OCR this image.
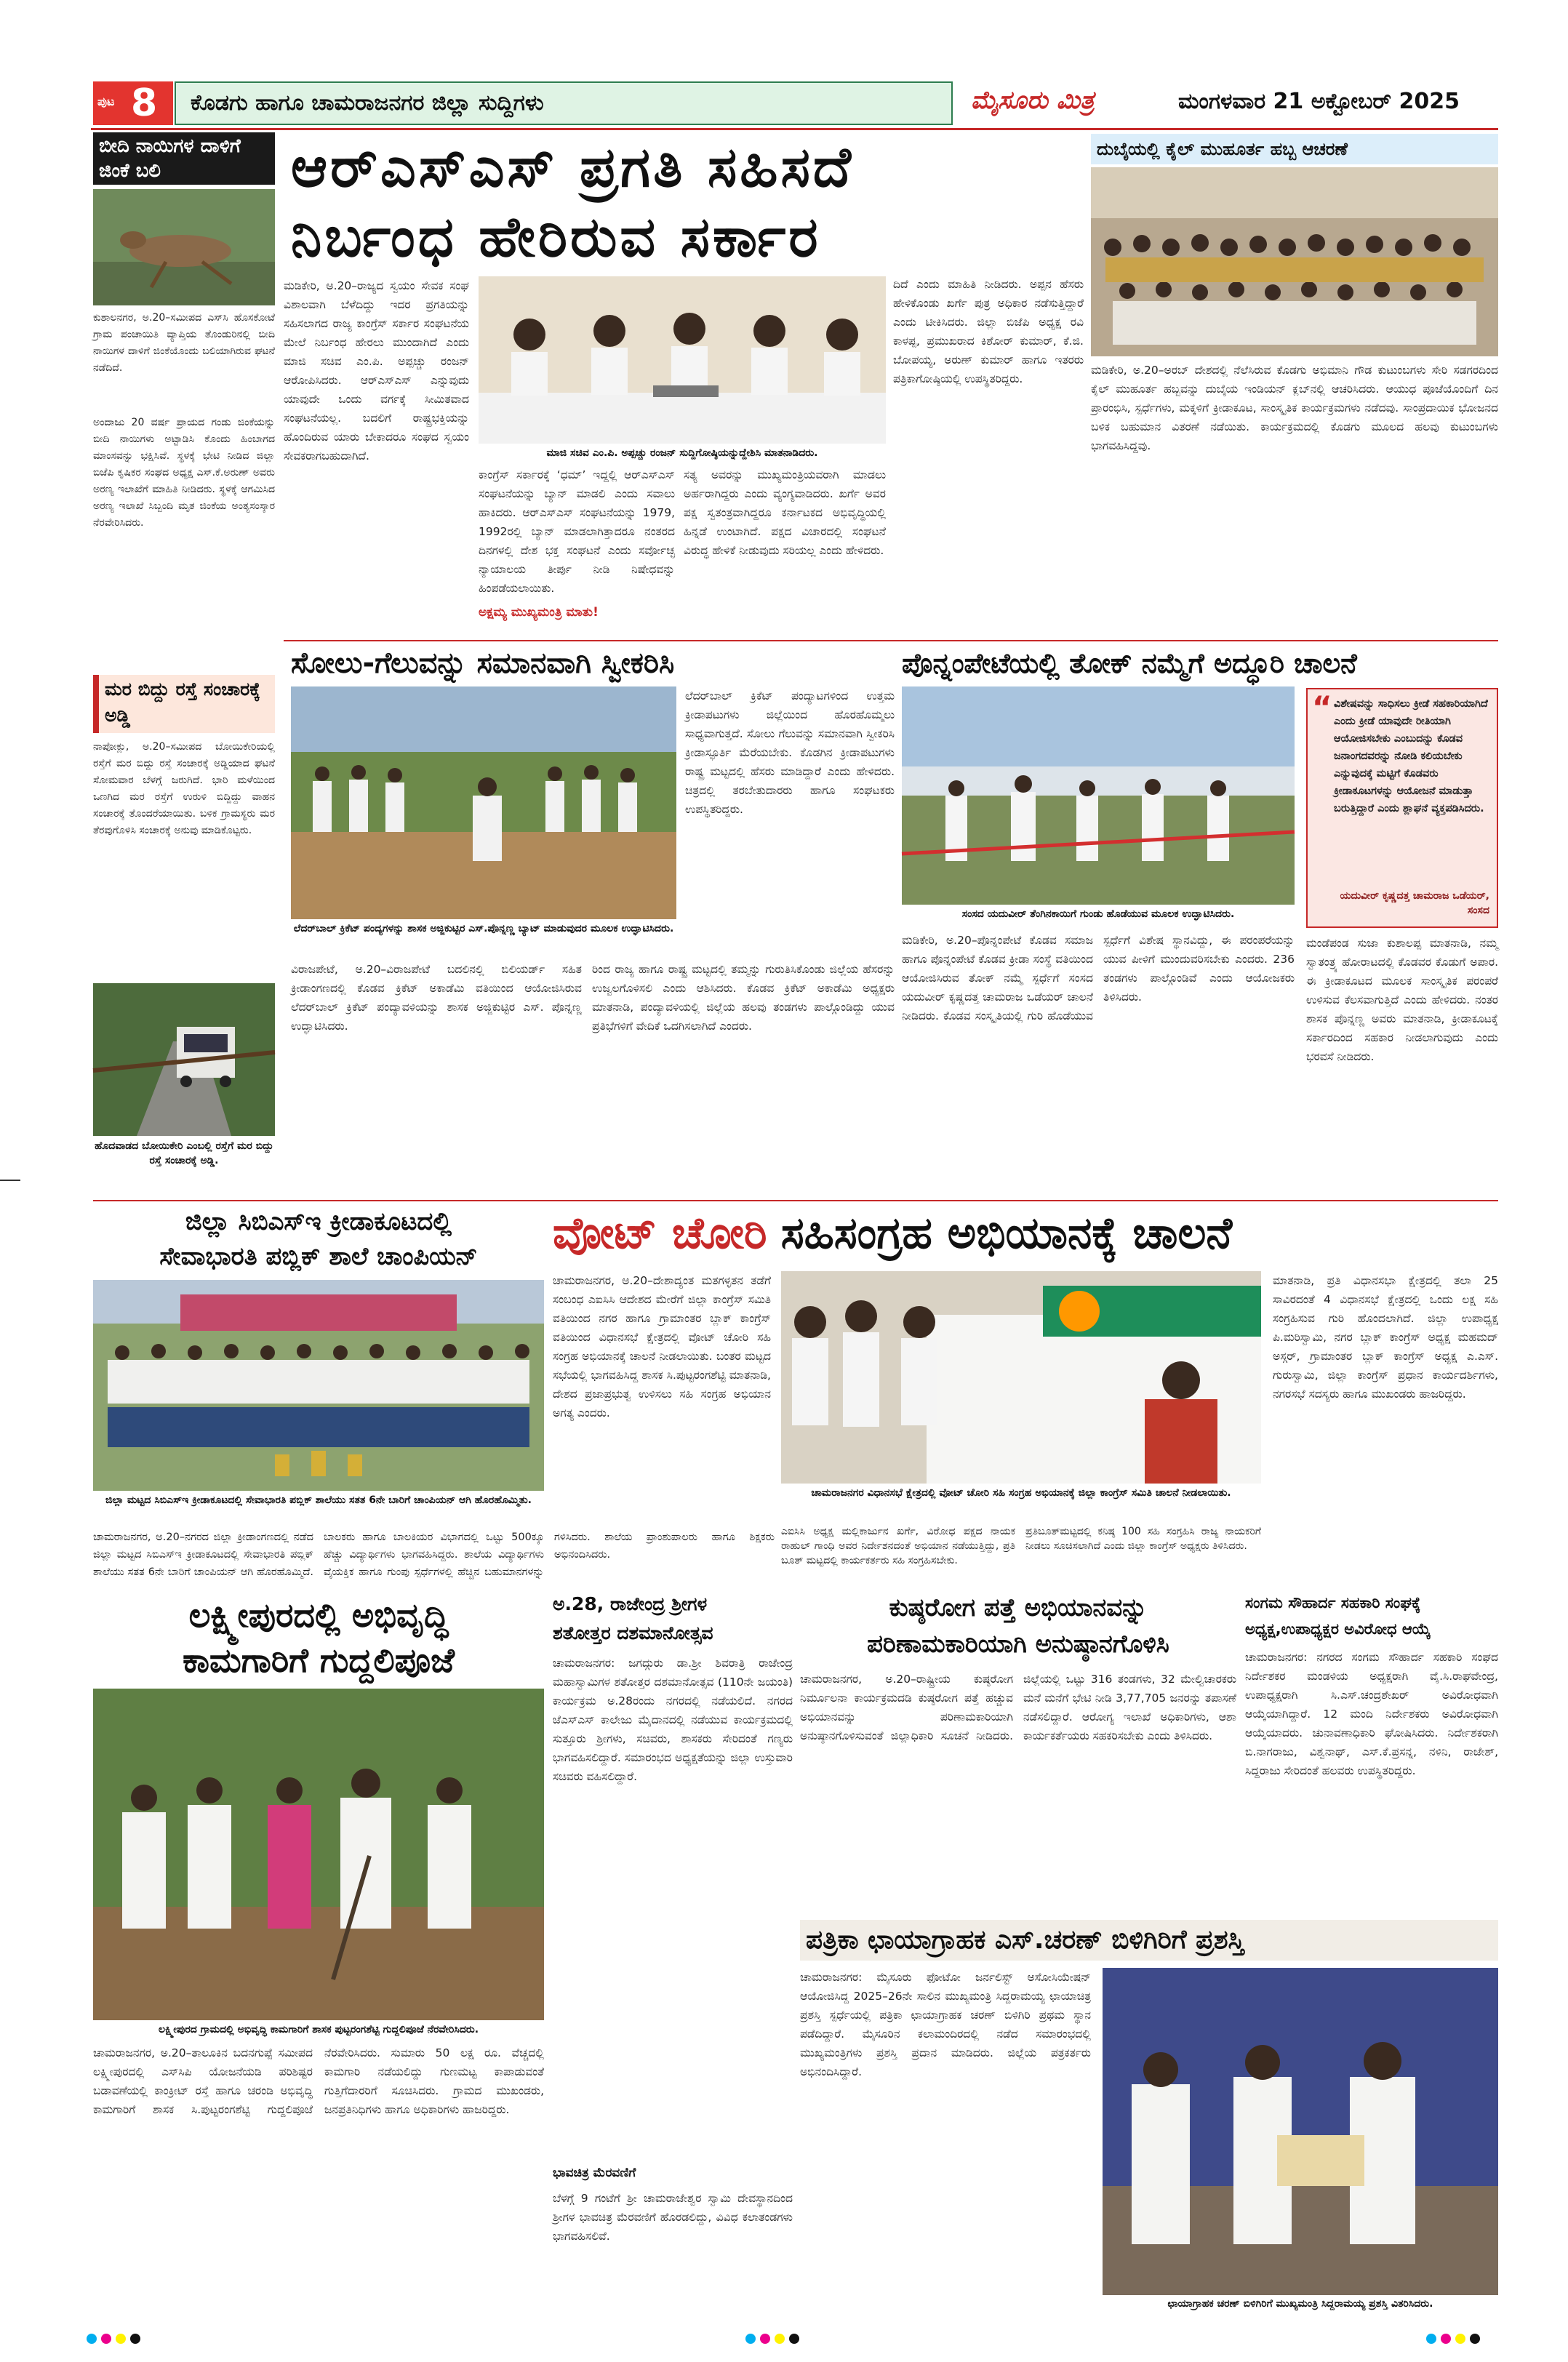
ಪುಟ 8 ಕೊಡಗು ಹಾಗೂ ಚಾಮರಾಜನಗರ ಜಿಲ್ಲಾ ಸುದ್ದಿಗಳು	ಮೈಸೂರು ಮಿತ್ರ	ಮಂಗಳವಾರ 21 ಅಕ್ಟೋಬರ್ 2025
ಬೀದಿ ನಾಯಿಗಳ ದಾಳಿಗೆ ಜಿಂಕೆ ಬಲಿ
ಕುಶಾಲನಗರ, ಅ.20–ಸಮೀಪದ ಎಸ್‌ಸಿ ಹೊಸಕೋಟೆ ಗ್ರಾಮ ಪಂಚಾಯಿತಿ ವ್ಯಾಪ್ತಿಯ ತೊಂಡುರಿನಲ್ಲಿ ಬೀದಿ ನಾಯಿಗಳ ದಾಳಿಗೆ ಜಿಂಕೆಯೊಂದು ಬಲಿಯಾಗಿರುವ ಘಟನೆ ನಡೆದಿದೆ.
ಅಂದಾಜು 20 ವರ್ಷ ಪ್ರಾಯದ ಗಂಡು ಜಿಂಕೆಯನ್ನು ಬೀದಿ ನಾಯಿಗಳು ಅಟ್ಟಾಡಿಸಿ ಕೊಂದು ಹಿಂಬಾಗದ ಮಾಂಸವನ್ನು ಭಕ್ಷಿಸಿವೆ. ಸ್ಥಳಕ್ಕೆ ಭೇಟಿ ನೀಡಿದ ಜಿಲ್ಲಾ ಬಿಜೆಪಿ ಕೃಷಿಕರ ಸಂಘದ ಅಧ್ಯಕ್ಷ ಎಸ್.ಕೆ.ಅರುಣ್ ಅವರು ಅರಣ್ಯ ಇಲಾಖೆಗೆ ಮಾಹಿತಿ ನೀಡಿದರು. ಸ್ಥಳಕ್ಕೆ ಆಗಮಿಸಿದ ಅರಣ್ಯ ಇಲಾಖೆ ಸಿಬ್ಬಂದಿ ಮೃತ ಜಿಂಕೆಯ ಅಂತ್ಯಸಂಸ್ಕಾರ ನೆರವೇರಿಸಿದರು.
ಮರ ಬಿದ್ದು ರಸ್ತೆ ಸಂಚಾರಕ್ಕೆ ಅಡ್ಡಿ
ನಾಪೋಕ್ಲು, ಅ.20–ಸಮೀಪದ ಬೋಯಿಕೇರಿಯಲ್ಲಿ ರಸ್ತೆಗೆ ಮರ ಬಿದ್ದು ರಸ್ತೆ ಸಂಚಾರಕ್ಕೆ ಅಡ್ಡಿಯಾದ ಘಟನೆ ಸೋಮವಾರ ಬೆಳಗ್ಗೆ ಜರುಗಿದೆ. ಭಾರಿ ಮಳೆಯಿಂದ ಒಣಗಿದ ಮರ ರಸ್ತೆಗೆ ಉರುಳಿ ಬಿದ್ದಿದ್ದು ವಾಹನ ಸಂಚಾರಕ್ಕೆ ತೊಂದರೆಯಾಯಿತು. ಬಳಿಕ ಗ್ರಾಮಸ್ಥರು ಮರ ತೆರವುಗೊಳಿಸಿ ಸಂಚಾರಕ್ಕೆ ಅನುವು ಮಾಡಿಕೊಟ್ಟರು.
ಹೊದವಾಡದ ಬೋಯಿಕೇರಿ ಎಂಬಲ್ಲಿ ರಸ್ತೆಗೆ ಮರ ಬಿದ್ದು ರಸ್ತೆ ಸಂಚಾರಕ್ಕೆ ಅಡ್ಡಿ.
ಆರ್‌ಎಸ್‌ಎಸ್ ಪ್ರಗತಿ ಸಹಿಸದೆ
ನಿರ್ಬಂಧ ಹೇರಿರುವ ಸರ್ಕಾರ
ಮಡಿಕೇರಿ, ಅ.20–ರಾಜ್ಯದ ಸ್ವಯಂ ಸೇವಕ ಸಂಘ ವಿಶಾಲವಾಗಿ ಬೆಳೆದಿದ್ದು ಇದರ ಪ್ರಗತಿಯನ್ನು ಸಹಿಸಲಾಗದ ರಾಜ್ಯ ಕಾಂಗ್ರೆಸ್ ಸರ್ಕಾರ ಸಂಘಟನೆಯ ಮೇಲೆ ನಿರ್ಬಂಧ ಹೇರಲು ಮುಂದಾಗಿದೆ ಎಂದು ಮಾಜಿ ಸಚಿವ ಎಂ.ಪಿ. ಅಪ್ಪಚ್ಚು ರಂಜನ್ ಆರೋಪಿಸಿದರು. ಆರ್‌ಎಸ್‌ಎಸ್ ಎನ್ನುವುದು ಯಾವುದೇ ಒಂದು ವರ್ಗಕ್ಕೆ ಸೀಮಿತವಾದ ಸಂಘಟನೆಯಲ್ಲ. ಬದಲಿಗೆ ರಾಷ್ಟ್ರಭಕ್ತಿಯನ್ನು ಹೊಂದಿರುವ ಯಾರು ಬೇಕಾದರೂ ಸಂಘದ ಸ್ವಯಂ ಸೇವಕರಾಗಬಹುದಾಗಿದೆ.	ಮಾಜಿ ಸಚಿವ ಎಂ.ಪಿ. ಅಪ್ಪಚ್ಚು ರಂಜನ್ ಸುದ್ದಿಗೋಷ್ಠಿಯನ್ನುದ್ದೇಶಿಸಿ ಮಾತನಾಡಿದರು.
ಕಾಂಗ್ರೆಸ್ ಸರ್ಕಾರಕ್ಕೆ ‘ಧಮ್’ ಇದ್ದಲ್ಲಿ ಆರ್‌ಎಸ್‌ಎಸ್ ಸಂಘಟನೆಯನ್ನು ಬ್ಯಾನ್ ಮಾಡಲಿ ಎಂದು ಸವಾಲು ಹಾಕಿದರು. ಆರ್‌ಎಸ್‌ಎಸ್ ಸಂಘಟನೆಯನ್ನು 1979, 1992ರಲ್ಲಿ ಬ್ಯಾನ್ ಮಾಡಲಾಗಿತ್ತಾದರೂ ನಂತರದ ದಿನಗಳಲ್ಲಿ ದೇಶ ಭಕ್ತ ಸಂಘಟನೆ ಎಂದು ಸರ್ವೋಚ್ಛ ನ್ಯಾಯಾಲಯ ತೀರ್ಪು ನೀಡಿ ನಿಷೇಧವನ್ನು ಹಿಂಪಡೆಯಲಾಯಿತು.
ಅಕ್ಷಮ್ಯ ಮುಖ್ಯಮಂತ್ರಿ ಮಾತು!
ಸತ್ಯ ಅವರನ್ನು ಮುಖ್ಯಮಂತ್ರಿಯವರಾಗಿ ಮಾಡಲು ಅರ್ಹರಾಗಿದ್ದರು ಎಂದು ವ್ಯಂಗ್ಯವಾಡಿದರು. ಖರ್ಗೆ ಅವರ ಪಕ್ಷ ಸ್ವತಂತ್ರವಾಗಿದ್ದರೂ ಕರ್ನಾಟಕದ ಅಭಿವೃದ್ಧಿಯಲ್ಲಿ ಹಿನ್ನಡೆ ಉಂಟಾಗಿದೆ. ಪಕ್ಷದ ವಿಚಾರದಲ್ಲಿ ಸಂಘಟನೆ ವಿರುದ್ಧ ಹೇಳಿಕೆ ನೀಡುವುದು ಸರಿಯಲ್ಲ ಎಂದು ಹೇಳಿದರು.
ದಿದೆ ಎಂದು ಮಾಹಿತಿ ನೀಡಿದರು. ಅಪ್ಪನ ಹೆಸರು ಹೇಳಿಕೊಂಡು ಖರ್ಗೆ ಪುತ್ರ ಅಧಿಕಾರ ನಡೆಸುತ್ತಿದ್ದಾರೆ ಎಂದು ಟೀಕಿಸಿದರು. ಜಿಲ್ಲಾ ಬಿಜೆಪಿ ಅಧ್ಯಕ್ಷ ರವಿ ಕಾಳಪ್ಪ, ಪ್ರಮುಖರಾದ ಕಿಶೋರ್ ಕುಮಾರ್, ಕೆ.ಜಿ. ಬೋಪಯ್ಯ, ಅರುಣ್ ಕುಮಾರ್ ಹಾಗೂ ಇತರರು ಪತ್ರಿಕಾಗೋಷ್ಠಿಯಲ್ಲಿ ಉಪಸ್ಥಿತರಿದ್ದರು.
ದುಬೈಯಲ್ಲಿ ಕೈಲ್ ಮುಹೂರ್ತ ಹಬ್ಬ ಆಚರಣೆ
ಮಡಿಕೇರಿ, ಅ.20–ಅರಬ್ ದೇಶದಲ್ಲಿ ನೆಲೆಸಿರುವ ಕೊಡಗು ಅಭಿಮಾನಿ ಗೌಡ ಕುಟುಂಬಗಳು ಸೇರಿ ಸಡಗರದಿಂದ ಕೈಲ್ ಮುಹೂರ್ತ ಹಬ್ಬವನ್ನು ದುಬೈಯ ಇಂಡಿಯನ್ ಕ್ಲಬ್‌ನಲ್ಲಿ ಆಚರಿಸಿದರು. ಆಯುಧ ಪೂಜೆಯೊಂದಿಗೆ ದಿನ ಪ್ರಾರಂಭಿಸಿ, ಸ್ಪರ್ಧೆಗಳು, ಮಕ್ಕಳಿಗೆ ಕ್ರೀಡಾಕೂಟ, ಸಾಂಸ್ಕೃತಿಕ ಕಾರ್ಯಕ್ರಮಗಳು ನಡೆದವು. ಸಾಂಪ್ರದಾಯಿಕ ಭೋಜನದ ಬಳಿಕ ಬಹುಮಾನ ವಿತರಣೆ ನಡೆಯಿತು. ಕಾರ್ಯಕ್ರಮದಲ್ಲಿ ಕೊಡಗು ಮೂಲದ ಹಲವು ಕುಟುಂಬಗಳು ಭಾಗವಹಿಸಿದ್ದವು.
ಸೋಲು-ಗೆಲುವನ್ನು ಸಮಾನವಾಗಿ ಸ್ವೀಕರಿಸಿ
ಲೆದರ್‌ಬಾಲ್ ಕ್ರಿಕೆಟ್ ಪಂದ್ಯಗಳನ್ನು ಶಾಸಕ ಅಜ್ಜಿಕುಟ್ಟಿರ ಎಸ್.ಪೊನ್ನಣ್ಣ ಬ್ಯಾಟ್ ಮಾಡುವುದರ ಮೂಲಕ ಉದ್ಘಾಟಿಸಿದರು.
ಲೆದರ್‌ಬಾಲ್ ಕ್ರಿಕೆಟ್ ಪಂದ್ಯಾಟಗಳಿಂದ ಉತ್ತಮ ಕ್ರೀಡಾಪಟುಗಳು ಜಿಲ್ಲೆಯಿಂದ ಹೊರಹೊಮ್ಮಲು ಸಾಧ್ಯವಾಗುತ್ತದೆ. ಸೋಲು ಗೆಲುವನ್ನು ಸಮಾನವಾಗಿ ಸ್ವೀಕರಿಸಿ ಕ್ರೀಡಾಸ್ಫೂರ್ತಿ ಮೆರೆಯಬೇಕು. ಕೊಡಗಿನ ಕ್ರೀಡಾಪಟುಗಳು ರಾಷ್ಟ್ರ ಮಟ್ಟದಲ್ಲಿ ಹೆಸರು ಮಾಡಿದ್ದಾರೆ ಎಂದು ಹೇಳಿದರು. ಚಿತ್ರದಲ್ಲಿ ತರಬೇತುದಾರರು ಹಾಗೂ ಸಂಘಟಕರು ಉಪಸ್ಥಿತರಿದ್ದರು.
ವಿರಾಜಪೇಟೆ, ಅ.20–ವಿರಾಜಪೇಟೆ ಬದಲಿನಲ್ಲಿ ಬಿಲಿಯರ್ಡ್ ಸಹಿತ ಕ್ರೀಡಾಂಗಣದಲ್ಲಿ ಕೊಡವ ಕ್ರಿಕೆಟ್ ಅಕಾಡೆಮಿ ವತಿಯಿಂದ ಆಯೋಜಿಸಿರುವ ಲೆದರ್‌ಬಾಲ್ ಕ್ರಿಕೆಟ್ ಪಂದ್ಯಾವಳಿಯನ್ನು ಶಾಸಕ ಅಜ್ಜಿಕುಟ್ಟಿರ ಎಸ್. ಪೊನ್ನಣ್ಣ ಉದ್ಘಾಟಿಸಿದರು.
ರಿಂದ ರಾಜ್ಯ ಹಾಗೂ ರಾಷ್ಟ್ರ ಮಟ್ಟದಲ್ಲಿ ತಮ್ಮನ್ನು ಗುರುತಿಸಿಕೊಂಡು ಜಿಲ್ಲೆಯ ಹೆಸರನ್ನು ಉಜ್ವಲಗೊಳಿಸಲಿ ಎಂದು ಆಶಿಸಿದರು. ಕೊಡವ ಕ್ರಿಕೆಟ್ ಅಕಾಡೆಮಿ ಅಧ್ಯಕ್ಷರು ಮಾತನಾಡಿ, ಪಂದ್ಯಾವಳಿಯಲ್ಲಿ ಜಿಲ್ಲೆಯ ಹಲವು ತಂಡಗಳು ಪಾಲ್ಗೊಂಡಿದ್ದು ಯುವ ಪ್ರತಿಭೆಗಳಿಗೆ ವೇದಿಕೆ ಒದಗಿಸಲಾಗಿದೆ ಎಂದರು.
ಪೊನ್ನಂಪೇಟೆಯಲ್ಲಿ ತೋಕ್ ನಮ್ಮೆಗೆ ಅದ್ಧೂರಿ ಚಾಲನೆ
ಸಂಸದ ಯದುವೀರ್ ತೆಂಗಿನಕಾಯಿಗೆ ಗುಂಡು ಹೊಡೆಯುವ ಮೂಲಕ ಉದ್ಘಾಟಿಸಿದರು.
“ ವಿಶೇಷವನ್ನು ಸಾಧಿಸಲು ಕ್ರೀಡೆ ಸಹಕಾರಿಯಾಗಿದೆ ಎಂದು ಕ್ರೀಡೆ ಯಾವುದೇ ರೀತಿಯಾಗಿ ಆಯೋಜಿಸಬೇಕು ಎಂಬುದನ್ನು ಕೊಡವ ಜನಾಂಗದವರನ್ನು ನೋಡಿ ಕಲಿಯಬೇಕು ಎನ್ನುವುದಕ್ಕೆ ಮಟ್ಟಿಗೆ ಕೊಡವರು ಕ್ರೀಡಾಕೂಟಗಳನ್ನು ಆಯೋಜನೆ ಮಾಡುತ್ತಾ ಬರುತ್ತಿದ್ದಾರೆ ಎಂದು ಶ್ಲಾಘನೆ ವ್ಯಕ್ತಪಡಿಸಿದರು.
ಯದುವೀರ್ ಕೃಷ್ಣದತ್ತ ಚಾಮರಾಜ ಒಡೆಯರ್, ಸಂಸದ
ಮಡಿಕೇರಿ, ಅ.20–ಪೊನ್ನಂಪೇಟೆ ಕೊಡವ ಸಮಾಜ ಹಾಗೂ ಪೊನ್ನಂಪೇಟೆ ಕೊಡವ ಕ್ರೀಡಾ ಸಂಸ್ಥೆ ವತಿಯಿಂದ ಆಯೋಜಿಸಿರುವ ತೋಕ್ ನಮ್ಮೆ ಸ್ಪರ್ಧೆಗೆ ಸಂಸದ ಯದುವೀರ್ ಕೃಷ್ಣದತ್ತ ಚಾಮರಾಜ ಒಡೆಯರ್ ಚಾಲನೆ ನೀಡಿದರು. ಕೊಡವ ಸಂಸ್ಕೃತಿಯಲ್ಲಿ ಗುರಿ ಹೊಡೆಯುವ ಸ್ಪರ್ಧೆಗೆ ವಿಶೇಷ ಸ್ಥಾನವಿದ್ದು, ಈ ಪರಂಪರೆಯನ್ನು ಯುವ ಪೀಳಿಗೆ ಮುಂದುವರಿಸಬೇಕು ಎಂದರು. 236 ತಂಡಗಳು ಪಾಲ್ಗೊಂಡಿವೆ ಎಂದು ಆಯೋಜಕರು ತಿಳಿಸಿದರು.
ಮಂಡೆಪಂಡ ಸುಜಾ ಕುಶಾಲಪ್ಪ ಮಾತನಾಡಿ, ನಮ್ಮ ಸ್ವಾತಂತ್ರ್ಯ ಹೋರಾಟದಲ್ಲಿ ಕೊಡವರ ಕೊಡುಗೆ ಅಪಾರ. ಈ ಕ್ರೀಡಾಕೂಟದ ಮೂಲಕ ಸಾಂಸ್ಕೃತಿಕ ಪರಂಪರೆ ಉಳಿಸುವ ಕೆಲಸವಾಗುತ್ತಿದೆ ಎಂದು ಹೇಳಿದರು. ನಂತರ ಶಾಸಕ ಪೊನ್ನಣ್ಣ ಅವರು ಮಾತನಾಡಿ, ಕ್ರೀಡಾಕೂಟಕ್ಕೆ ಸರ್ಕಾರದಿಂದ ಸಹಕಾರ ನೀಡಲಾಗುವುದು ಎಂದು ಭರವಸೆ ನೀಡಿದರು.
ಜಿಲ್ಲಾ ಸಿಬಿಎಸ್‌ಇ ಕ್ರೀಡಾಕೂಟದಲ್ಲಿ
ಸೇವಾಭಾರತಿ ಪಬ್ಲಿಕ್ ಶಾಲೆ ಚಾಂಪಿಯನ್
ಜಿಲ್ಲಾ ಮಟ್ಟದ ಸಿಬಿಎಸ್‌ಇ ಕ್ರೀಡಾಕೂಟದಲ್ಲಿ ಸೇವಾಭಾರತಿ ಪಬ್ಲಿಕ್ ಶಾಲೆಯು ಸತತ 6ನೇ ಬಾರಿಗೆ ಚಾಂಪಿಯನ್ ಆಗಿ ಹೊರಹೊಮ್ಮಿತು.
ಚಾಮರಾಜನಗರ, ಅ.20–ನಗರದ ಜಿಲ್ಲಾ ಕ್ರೀಡಾಂಗಣದಲ್ಲಿ ನಡೆದ ಜಿಲ್ಲಾ ಮಟ್ಟದ ಸಿಬಿಎಸ್‌ಇ ಕ್ರೀಡಾಕೂಟದಲ್ಲಿ ಸೇವಾಭಾರತಿ ಪಬ್ಲಿಕ್ ಶಾಲೆಯು ಸತತ 6ನೇ ಬಾರಿಗೆ ಚಾಂಪಿಯನ್ ಆಗಿ ಹೊರಹೊಮ್ಮಿದೆ. ಬಾಲಕರು ಹಾಗೂ ಬಾಲಕಿಯರ ವಿಭಾಗದಲ್ಲಿ ಒಟ್ಟು 500ಕ್ಕೂ ಹೆಚ್ಚು ವಿದ್ಯಾರ್ಥಿಗಳು ಭಾಗವಹಿಸಿದ್ದರು. ಶಾಲೆಯ ವಿದ್ಯಾರ್ಥಿಗಳು ವೈಯಕ್ತಿಕ ಹಾಗೂ ಗುಂಪು ಸ್ಪರ್ಧೆಗಳಲ್ಲಿ ಹೆಚ್ಚಿನ ಬಹುಮಾನಗಳನ್ನು ಗಳಿಸಿದರು. ಶಾಲೆಯ ಪ್ರಾಂಶುಪಾಲರು ಹಾಗೂ ಶಿಕ್ಷಕರು ಅಭಿನಂದಿಸಿದರು.
ಲಕ್ಷ್ಮೀಪುರದಲ್ಲಿ ಅಭಿವೃದ್ಧಿ
ಕಾಮಗಾರಿಗೆ ಗುದ್ದಲಿಪೂಜೆ
ಲಕ್ಷ್ಮೀಪುರದ ಗ್ರಾಮದಲ್ಲಿ ಅಭಿವೃದ್ಧಿ ಕಾಮಗಾರಿಗೆ ಶಾಸಕ ಪುಟ್ಟರಂಗಶೆಟ್ಟಿ ಗುದ್ದಲಿಪೂಜೆ ನೆರವೇರಿಸಿದರು.
ಚಾಮರಾಜನಗರ, ಅ.20–ತಾಲೂಕಿನ ಬದನಗುಪ್ಪೆ ಸಮೀಪದ ಲಕ್ಷ್ಮೀಪುರದಲ್ಲಿ ಎಸ್‌ಸಿಪಿ ಯೋಜನೆಯಡಿ ಪರಿಶಿಷ್ಟರ ಬಡಾವಣೆಯಲ್ಲಿ ಕಾಂಕ್ರೀಟ್ ರಸ್ತೆ ಹಾಗೂ ಚರಂಡಿ ಅಭಿವೃದ್ಧಿ ಕಾಮಗಾರಿಗೆ ಶಾಸಕ ಸಿ.ಪುಟ್ಟರಂಗಶೆಟ್ಟಿ ಗುದ್ದಲಿಪೂಜೆ ನೆರವೇರಿಸಿದರು. ಸುಮಾರು 50 ಲಕ್ಷ ರೂ. ವೆಚ್ಚದಲ್ಲಿ ಕಾಮಗಾರಿ ನಡೆಯಲಿದ್ದು ಗುಣಮಟ್ಟ ಕಾಪಾಡುವಂತೆ ಗುತ್ತಿಗೆದಾರರಿಗೆ ಸೂಚಿಸಿದರು. ಗ್ರಾಮದ ಮುಖಂಡರು, ಜನಪ್ರತಿನಿಧಿಗಳು ಹಾಗೂ ಅಧಿಕಾರಿಗಳು ಹಾಜರಿದ್ದರು.
ವೋಟ್ ಚೋರಿ ಸಹಿಸಂಗ್ರಹ ಅಭಿಯಾನಕ್ಕೆ ಚಾಲನೆ
ಚಾಮರಾಜನಗರ, ಅ.20–ದೇಶಾದ್ಯಂತ ಮತಗಳ್ಳತನ ತಡೆಗೆ ಸಂಬಂಧ ಎಐಸಿಸಿ ಆದೇಶದ ಮೇರೆಗೆ ಜಿಲ್ಲಾ ಕಾಂಗ್ರೆಸ್ ಸಮಿತಿ ವತಿಯಿಂದ ನಗರ ಹಾಗೂ ಗ್ರಾಮಾಂತರ ಬ್ಲಾಕ್ ಕಾಂಗ್ರೆಸ್ ವತಿಯಿಂದ ವಿಧಾನಸಭೆ ಕ್ಷೇತ್ರದಲ್ಲಿ ವೋಟ್ ಚೋರಿ ಸಹಿ ಸಂಗ್ರಹ ಅಭಿಯಾನಕ್ಕೆ ಚಾಲನೆ ನೀಡಲಾಯಿತು. ಬಂತರ ಮಟ್ಟದ ಸಭೆಯಲ್ಲಿ ಭಾಗವಹಿಸಿದ್ದ ಶಾಸಕ ಸಿ.ಪುಟ್ಟರಂಗಶೆಟ್ಟಿ ಮಾತನಾಡಿ, ದೇಶದ ಪ್ರಜಾಪ್ರಭುತ್ವ ಉಳಿಸಲು ಸಹಿ ಸಂಗ್ರಹ ಅಭಿಯಾನ ಅಗತ್ಯ ಎಂದರು.
ಚಾಮರಾಜನಗರ ವಿಧಾನಸಭೆ ಕ್ಷೇತ್ರದಲ್ಲಿ ವೋಟ್ ಚೋರಿ ಸಹಿ ಸಂಗ್ರಹ ಅಭಿಯಾನಕ್ಕೆ ಜಿಲ್ಲಾ ಕಾಂಗ್ರೆಸ್ ಸಮಿತಿ ಚಾಲನೆ ನೀಡಲಾಯಿತು.
ಮಾತನಾಡಿ, ಪ್ರತಿ ವಿಧಾನಸಭಾ ಕ್ಷೇತ್ರದಲ್ಲಿ ತಲಾ 25 ಸಾವಿರದಂತೆ 4 ವಿಧಾನಸಭೆ ಕ್ಷೇತ್ರದಲ್ಲಿ ಒಂದು ಲಕ್ಷ ಸಹಿ ಸಂಗ್ರಹಿಸುವ ಗುರಿ ಹೊಂದಲಾಗಿದೆ. ಜಿಲ್ಲಾ ಉಪಾಧ್ಯಕ್ಷ ಪಿ.ಮರಿಸ್ವಾಮಿ, ನಗರ ಬ್ಲಾಕ್ ಕಾಂಗ್ರೆಸ್ ಅಧ್ಯಕ್ಷ ಮಹಮದ್ ಅಸ್ಗರ್, ಗ್ರಾಮಾಂತರ ಬ್ಲಾಕ್ ಕಾಂಗ್ರೆಸ್ ಅಧ್ಯಕ್ಷ ಎ.ಎಸ್. ಗುರುಸ್ವಾಮಿ, ಜಿಲ್ಲಾ ಕಾಂಗ್ರೆಸ್ ಪ್ರಧಾನ ಕಾರ್ಯದರ್ಶಿಗಳು, ನಗರಸಭೆ ಸದಸ್ಯರು ಹಾಗೂ ಮುಖಂಡರು ಹಾಜರಿದ್ದರು.
ಎಐಸಿಸಿ ಅಧ್ಯಕ್ಷ ಮಲ್ಲಿಕಾರ್ಜುನ ಖರ್ಗೆ, ವಿರೋಧ ಪಕ್ಷದ ನಾಯಕ ರಾಹುಲ್ ಗಾಂಧಿ ಅವರ ನಿರ್ದೇಶನದಂತೆ ಅಭಿಯಾನ ನಡೆಯುತ್ತಿದ್ದು, ಪ್ರತಿ ಬೂತ್ ಮಟ್ಟದಲ್ಲಿ ಕಾರ್ಯಕರ್ತರು ಸಹಿ ಸಂಗ್ರಹಿಸಬೇಕು.
ಪ್ರತಿಬೂತ್‌ಮಟ್ಟದಲ್ಲಿ ಕನಿಷ್ಠ 100 ಸಹಿ ಸಂಗ್ರಹಿಸಿ ರಾಜ್ಯ ನಾಯಕರಿಗೆ ನೀಡಲು ಸೂಚಿಸಲಾಗಿದೆ ಎಂದು ಜಿಲ್ಲಾ ಕಾಂಗ್ರೆಸ್ ಅಧ್ಯಕ್ಷರು ತಿಳಿಸಿದರು.
ಅ.28, ರಾಜೇಂದ್ರ ಶ್ರೀಗಳ
ಶತೋತ್ತರ ದಶಮಾನೋತ್ಸವ
ಚಾಮರಾಜನಗರ: ಜಗದ್ಗುರು ಡಾ.ಶ್ರೀ ಶಿವರಾತ್ರಿ ರಾಜೇಂದ್ರ ಮಹಾಸ್ವಾಮಿಗಳ ಶತೋತ್ತರ ದಶಮಾನೋತ್ಸವ (110ನೇ ಜಯಂತಿ) ಕಾರ್ಯಕ್ರಮ ಅ.28ರಂದು ನಗರದಲ್ಲಿ ನಡೆಯಲಿದೆ. ನಗರದ ಜೆಎಸ್‌ಎಸ್ ಕಾಲೇಜು ಮೈದಾನದಲ್ಲಿ ನಡೆಯುವ ಕಾರ್ಯಕ್ರಮದಲ್ಲಿ ಸುತ್ತೂರು ಶ್ರೀಗಳು, ಸಚಿವರು, ಶಾಸಕರು ಸೇರಿದಂತೆ ಗಣ್ಯರು ಭಾಗವಹಿಸಲಿದ್ದಾರೆ. ಸಮಾರಂಭದ ಅಧ್ಯಕ್ಷತೆಯನ್ನು ಜಿಲ್ಲಾ ಉಸ್ತುವಾರಿ ಸಚಿವರು ವಹಿಸಲಿದ್ದಾರೆ.
ಭಾವಚಿತ್ರ ಮೆರವಣಿಗೆ
ಬೆಳಗ್ಗೆ 9 ಗಂಟೆಗೆ ಶ್ರೀ ಚಾಮರಾಜೇಶ್ವರ ಸ್ವಾಮಿ ದೇವಸ್ಥಾನದಿಂದ ಶ್ರೀಗಳ ಭಾವಚಿತ್ರ ಮೆರವಣಿಗೆ ಹೊರಡಲಿದ್ದು, ವಿವಿಧ ಕಲಾತಂಡಗಳು ಭಾಗವಹಿಸಲಿವೆ.
ಕುಷ್ಠರೋಗ ಪತ್ತೆ ಅಭಿಯಾನವನ್ನು
ಪರಿಣಾಮಕಾರಿಯಾಗಿ ಅನುಷ್ಠಾನಗೊಳಿಸಿ
ಚಾಮರಾಜನಗರ, ಅ.20–ರಾಷ್ಟ್ರೀಯ ಕುಷ್ಠರೋಗ ನಿರ್ಮೂಲನಾ ಕಾರ್ಯಕ್ರಮದಡಿ ಕುಷ್ಠರೋಗ ಪತ್ತೆ ಹಚ್ಚುವ ಅಭಿಯಾನವನ್ನು ಪರಿಣಾಮಕಾರಿಯಾಗಿ ಅನುಷ್ಠಾನಗೊಳಿಸುವಂತೆ ಜಿಲ್ಲಾಧಿಕಾರಿ ಸೂಚನೆ ನೀಡಿದರು. ಜಿಲ್ಲೆಯಲ್ಲಿ ಒಟ್ಟು 316 ತಂಡಗಳು, 32 ಮೇಲ್ವಿಚಾರಕರು ಮನೆ ಮನೆಗೆ ಭೇಟಿ ನೀಡಿ 3,77,705 ಜನರನ್ನು ತಪಾಸಣೆ ನಡೆಸಲಿದ್ದಾರೆ. ಆರೋಗ್ಯ ಇಲಾಖೆ ಅಧಿಕಾರಿಗಳು, ಆಶಾ ಕಾರ್ಯಕರ್ತೆಯರು ಸಹಕರಿಸಬೇಕು ಎಂದು ತಿಳಿಸಿದರು.
ಸಂಗಮ ಸೌಹಾರ್ದ ಸಹಕಾರಿ ಸಂಘಕ್ಕೆ
ಅಧ್ಯಕ್ಷ,ಉಪಾಧ್ಯಕ್ಷರ ಅವಿರೋಧ ಆಯ್ಕೆ
ಚಾಮರಾಜನಗರ: ನಗರದ ಸಂಗಮ ಸೌಹಾರ್ದ ಸಹಕಾರಿ ಸಂಘದ ನಿರ್ದೇಶಕರ ಮಂಡಳಿಯ ಅಧ್ಯಕ್ಷರಾಗಿ ವೈ.ಸಿ.ರಾಘವೇಂದ್ರ, ಉಪಾಧ್ಯಕ್ಷರಾಗಿ ಸಿ.ಎಸ್.ಚಂದ್ರಶೇಖರ್ ಅವಿರೋಧವಾಗಿ ಆಯ್ಕೆಯಾಗಿದ್ದಾರೆ. 12 ಮಂದಿ ನಿರ್ದೇಶಕರು ಅವಿರೋಧವಾಗಿ ಆಯ್ಕೆಯಾದರು. ಚುನಾವಣಾಧಿಕಾರಿ ಘೋಷಿಸಿದರು. ನಿರ್ದೇಶಕರಾಗಿ ಬಿ.ನಾಗರಾಜು, ವಿಶ್ವನಾಥ್, ಎಸ್.ಕೆ.ಪ್ರಸನ್ನ, ನಳಿನಿ, ರಾಜೇಶ್, ಸಿದ್ದರಾಜು ಸೇರಿದಂತೆ ಹಲವರು ಉಪಸ್ಥಿತರಿದ್ದರು.
ಪತ್ರಿಕಾ ಛಾಯಾಗ್ರಾಹಕ ಎಸ್.ಚರಣ್ ಬಿಳಿಗಿರಿಗೆ ಪ್ರಶಸ್ತಿ
ಚಾಮರಾಜನಗರ: ಮೈಸೂರು ಫೋಟೋ ಜರ್ನಲಿಸ್ಟ್ ಅಸೋಸಿಯೇಷನ್ ಆಯೋಜಿಸಿದ್ದ 2025–26ನೇ ಸಾಲಿನ ಮುಖ್ಯಮಂತ್ರಿ ಸಿದ್ದರಾಮಯ್ಯ ಛಾಯಾಚಿತ್ರ ಪ್ರಶಸ್ತಿ ಸ್ಪರ್ಧೆಯಲ್ಲಿ ಪತ್ರಿಕಾ ಛಾಯಾಗ್ರಾಹಕ ಚರಣ್ ಬಿಳಿಗಿರಿ ಪ್ರಥಮ ಸ್ಥಾನ ಪಡೆದಿದ್ದಾರೆ. ಮೈಸೂರಿನ ಕಲಾಮಂದಿರದಲ್ಲಿ ನಡೆದ ಸಮಾರಂಭದಲ್ಲಿ ಮುಖ್ಯಮಂತ್ರಿಗಳು ಪ್ರಶಸ್ತಿ ಪ್ರದಾನ ಮಾಡಿದರು. ಜಿಲ್ಲೆಯ ಪತ್ರಕರ್ತರು ಅಭಿನಂದಿಸಿದ್ದಾರೆ.
ಛಾಯಾಗ್ರಾಹಕ ಚರಣ್ ಬಿಳಿಗಿರಿಗೆ ಮುಖ್ಯಮಂತ್ರಿ ಸಿದ್ದರಾಮಯ್ಯ ಪ್ರಶಸ್ತಿ ವಿತರಿಸಿದರು.
